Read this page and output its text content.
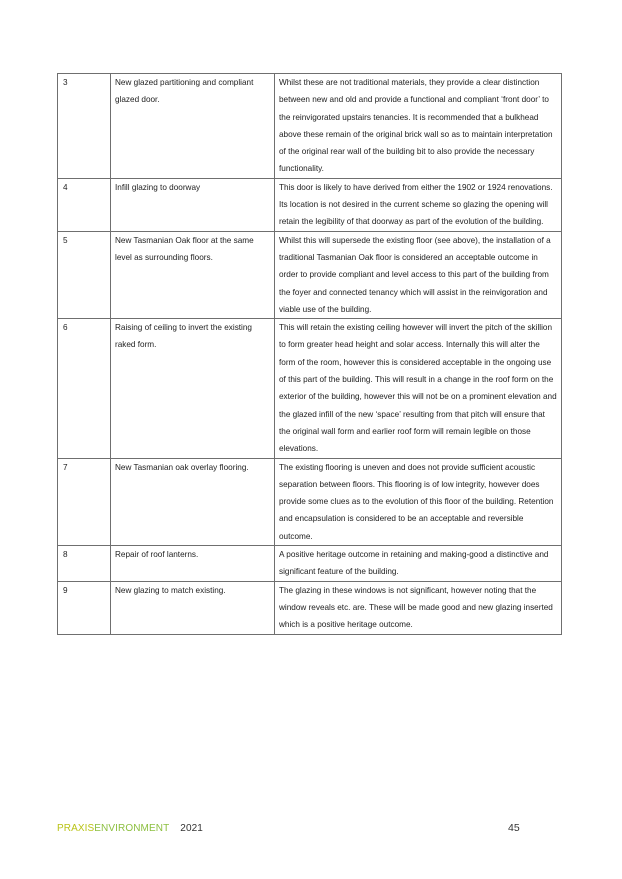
3	New glazed partitioning and compliant glazed door.	Whilst these are not traditional materials, they provide a clear distinction between new and old and provide a functional and compliant ‘front door’ to the reinvigorated upstairs tenancies. It is recommended that a bulkhead above these remain of the original brick wall so as to maintain interpretation of the original rear wall of the building bit to also provide the necessary functionality.
4	Infill glazing to doorway	This door is likely to have derived from either the 1902 or 1924 renovations. Its location is not desired in the current scheme so glazing the opening will retain the legibility of that doorway as part of the evolution of the building.
5	New Tasmanian Oak floor at the same level as surrounding floors.	Whilst this will supersede the existing floor (see above), the installation of a traditional Tasmanian Oak floor is considered an acceptable outcome in order to provide compliant and level access to this part of the building from the foyer and connected tenancy which will assist in the reinvigoration and viable use of the building.
6	Raising of ceiling to invert the existing raked form.	This will retain the existing ceiling however will invert the pitch of the skillion to form greater head height and solar access. Internally this will alter the form of the room, however this is considered acceptable in the ongoing use of this part of the building. This will result in a change in the roof form on the exterior of the building, however this will not be on a prominent elevation and the glazed infill of the new ‘space’ resulting from that pitch will ensure that the original wall form and earlier roof form will remain legible on those elevations.
7	New Tasmanian oak overlay flooring.	The existing flooring is uneven and does not provide sufficient acoustic separation between floors. This flooring is of low integrity, however does provide some clues as to the evolution of this floor of the building. Retention and encapsulation is considered to be an acceptable and reversible outcome.
8	Repair of roof lanterns.	A positive heritage outcome in retaining and making-good a distinctive and significant feature of the building.
9	New glazing to match existing.	The glazing in these windows is not significant, however noting that the window reveals etc. are. These will be made good and new glazing inserted which is a positive heritage outcome.
PRAXISENVIRONMENT 2021	45
